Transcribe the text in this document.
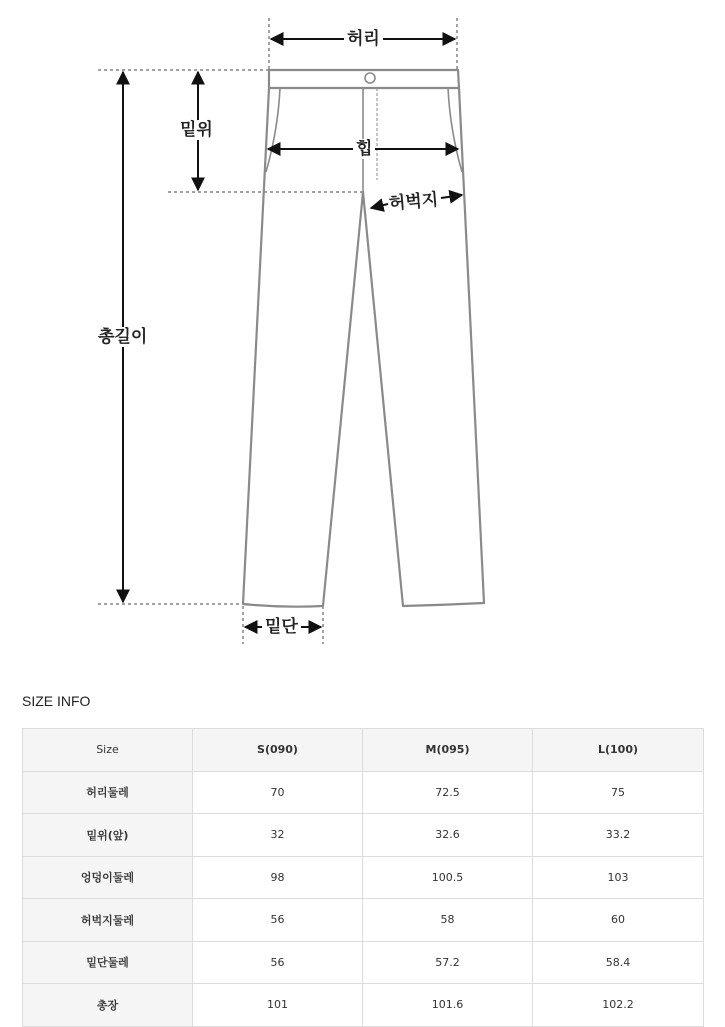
허리
밑위
힙
허벅지
총길이
밑단
SIZE INFO
Size	S(090)	M(095)	L(100)
허리둘레	70	72.5	75
밑위(앞)	32	32.6	33.2
엉덩이둘레	98	100.5	103
허벅지둘레	56	58	60
밑단둘레	56	57.2	58.4
총장	101	101.6	102.2
